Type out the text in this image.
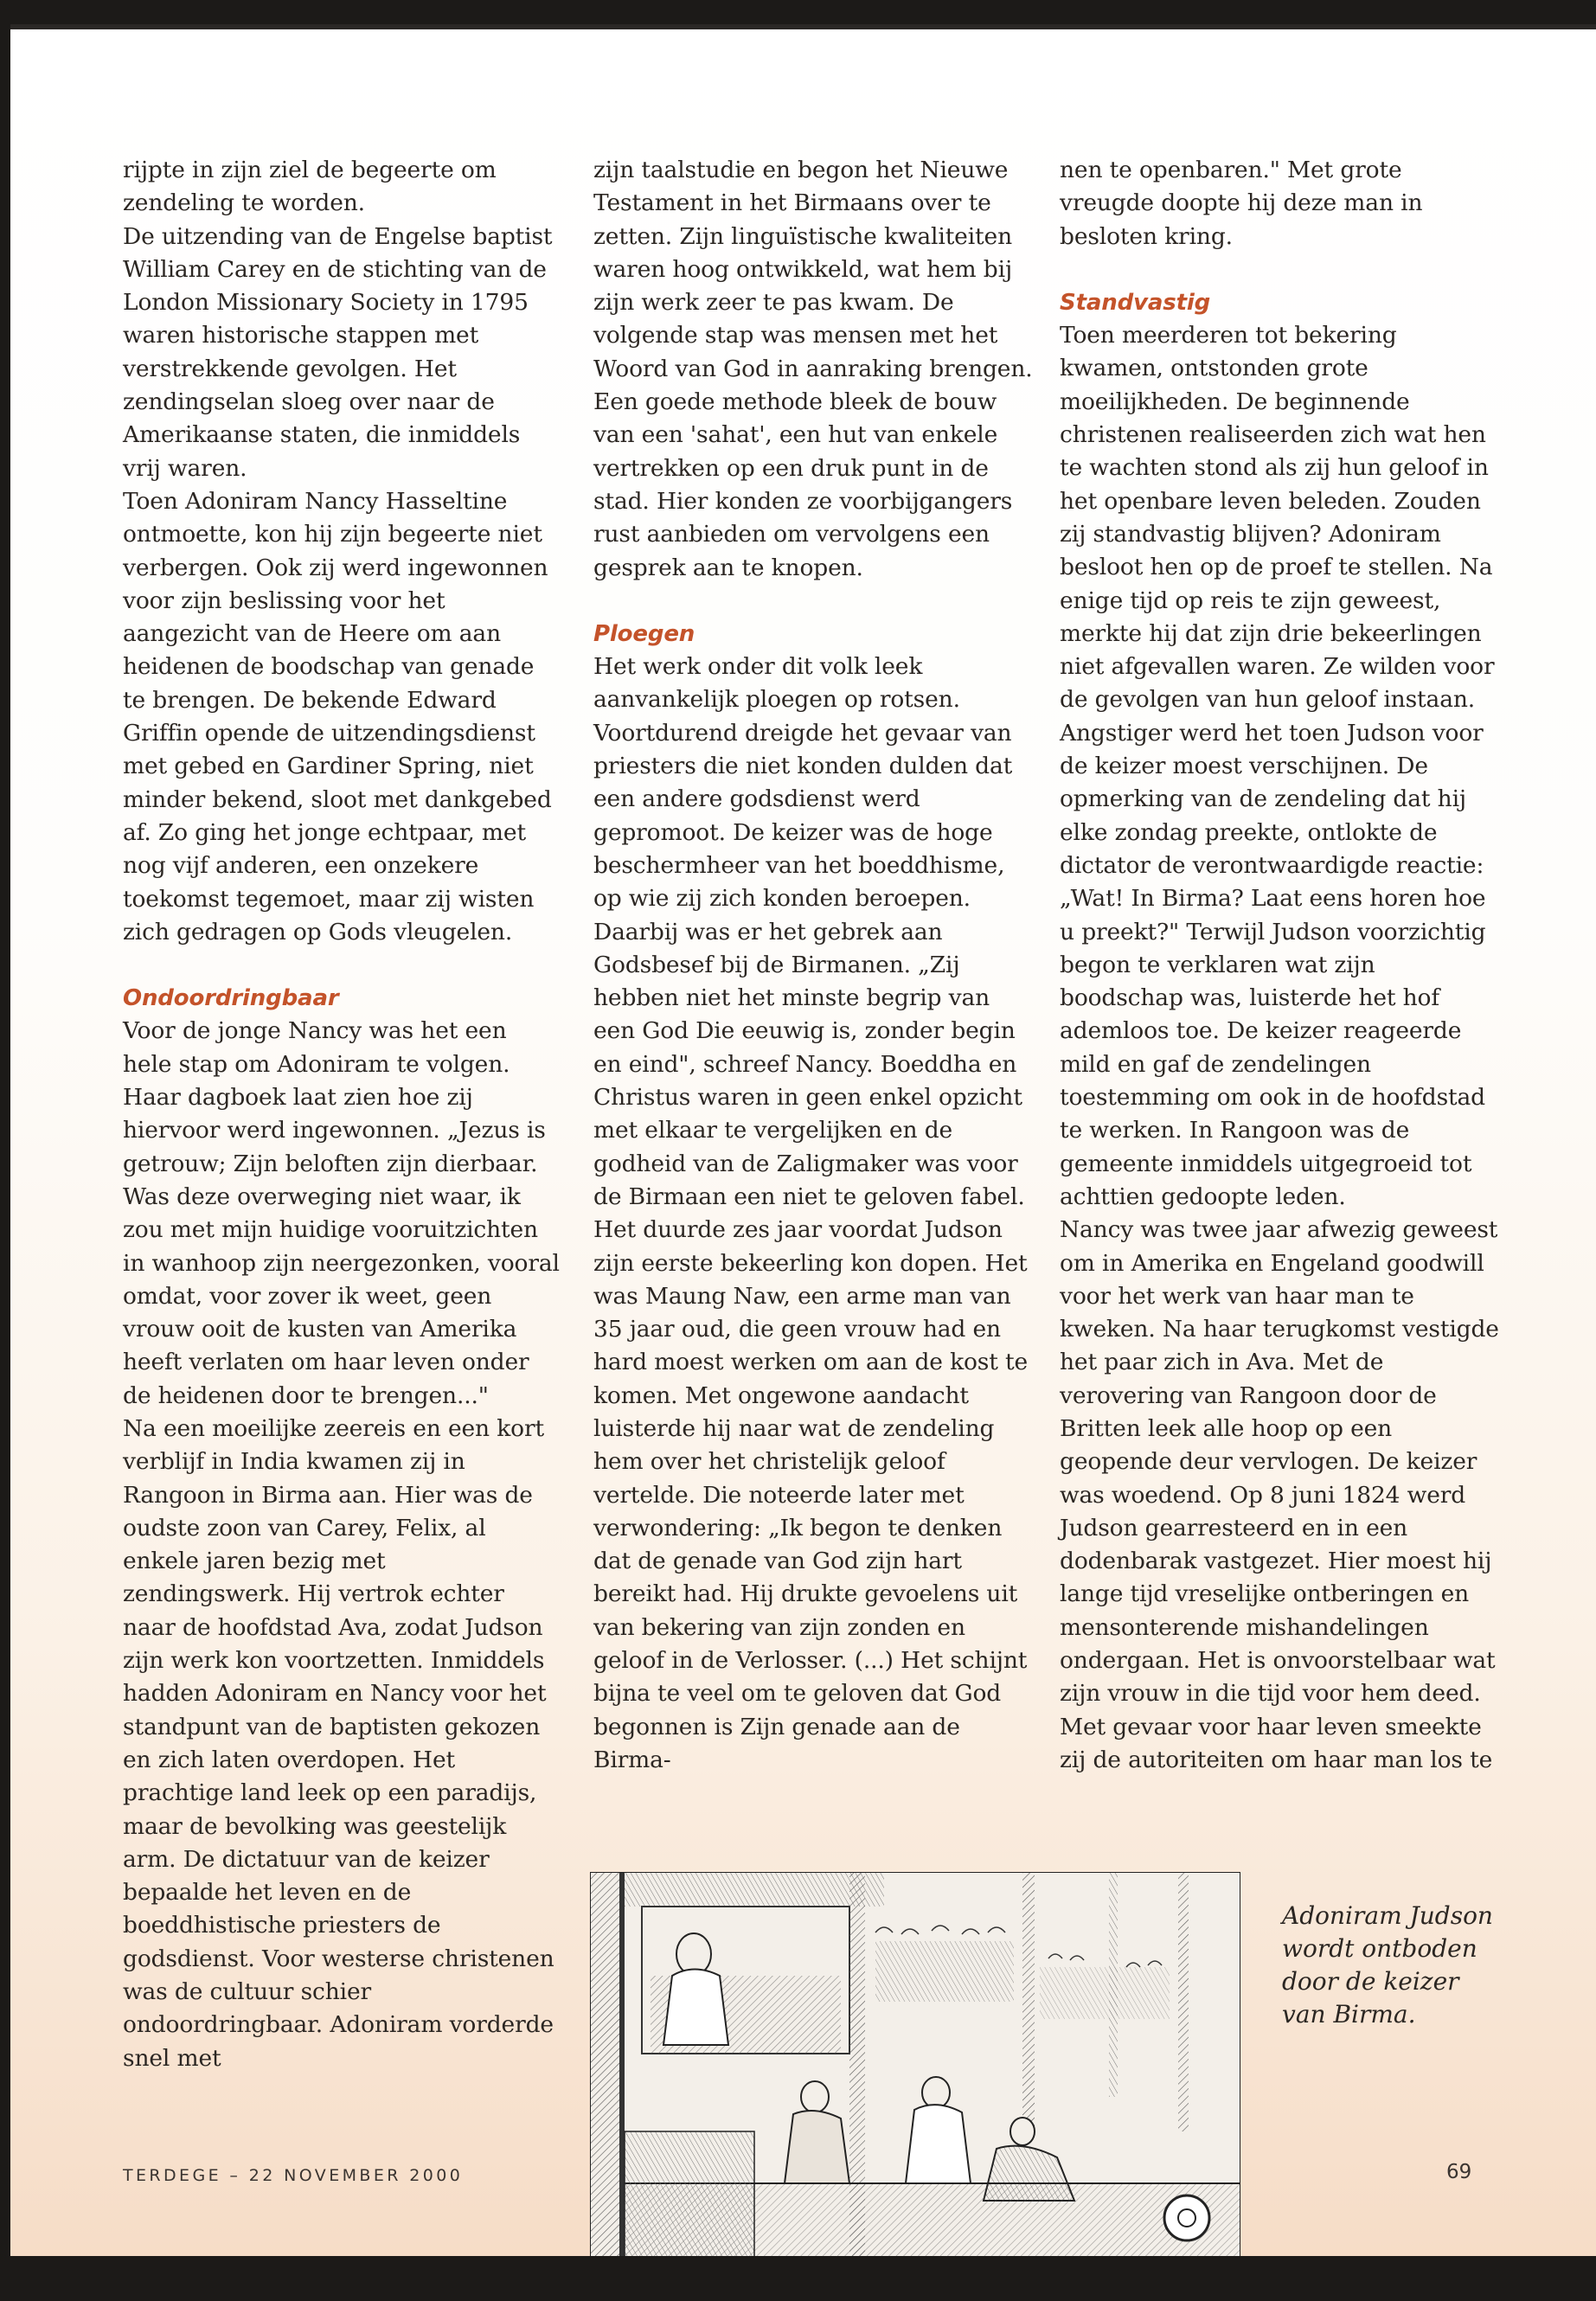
rijpte in zijn ziel de begeerte om zendeling te worden.

De uitzending van de Engelse baptist William Carey en de stichting van de London Missionary Society in 1795 waren historische stappen met verstrekkende gevolgen. Het zendingselan sloeg over naar de Amerikaanse staten, die inmiddels vrij waren.

Toen Adoniram Nancy Hasseltine ontmoette, kon hij zijn begeerte niet verbergen. Ook zij werd ingewonnen voor zijn beslissing voor het aangezicht van de Heere om aan heidenen de boodschap van genade te brengen. De bekende Edward Griffin opende de uitzendingsdienst met gebed en Gardiner Spring, niet minder bekend, sloot met dankgebed af. Zo ging het jonge echtpaar, met nog vijf anderen, een onzekere toekomst tegemoet, maar zij wisten zich gedragen op Gods vleugelen.

Ondoordringbaar

Voor de jonge Nancy was het een hele stap om Adoniram te volgen. Haar dagboek laat zien hoe zij hiervoor werd ingewonnen. „Jezus is getrouw; Zijn beloften zijn dierbaar. Was deze overweging niet waar, ik zou met mijn huidige vooruitzichten in wanhoop zijn neergezonken, vooral omdat, voor zover ik weet, geen vrouw ooit de kusten van Amerika heeft verlaten om haar leven onder de heidenen door te brengen..."

Na een moeilijke zeereis en een kort verblijf in India kwamen zij in Rangoon in Birma aan. Hier was de oudste zoon van Carey, Felix, al enkele jaren bezig met zendingswerk. Hij vertrok echter naar de hoofdstad Ava, zodat Judson zijn werk kon voortzetten. Inmiddels hadden Adoniram en Nancy voor het standpunt van de baptisten gekozen en zich laten overdopen. Het prachtige land leek op een paradijs, maar de bevolking was geestelijk arm. De dictatuur van de keizer bepaalde het leven en de boeddhistische priesters de godsdienst. Voor westerse christenen was de cultuur schier ondoordringbaar. Adoniram vorderde snel met

zijn taalstudie en begon het Nieuwe Testament in het Birmaans over te zetten. Zijn linguïstische kwaliteiten waren hoog ontwikkeld, wat hem bij zijn werk zeer te pas kwam. De volgende stap was mensen met het Woord van God in aanraking brengen. Een goede methode bleek de bouw van een 'sahat', een hut van enkele vertrekken op een druk punt in de stad. Hier konden ze voorbijgangers rust aanbieden om vervolgens een gesprek aan te knopen.

Ploegen

Het werk onder dit volk leek aanvankelijk ploegen op rotsen. Voortdurend dreigde het gevaar van priesters die niet konden dulden dat een andere godsdienst werd gepromoot. De keizer was de hoge beschermheer van het boeddhisme, op wie zij zich konden beroepen. Daarbij was er het gebrek aan Godsbesef bij de Birmanen. „Zij hebben niet het minste begrip van een God Die eeuwig is, zonder begin en eind", schreef Nancy. Boeddha en Christus waren in geen enkel opzicht met elkaar te vergelijken en de godheid van de Zaligmaker was voor de Birmaan een niet te geloven fabel.

Het duurde zes jaar voordat Judson zijn eerste bekeerling kon dopen. Het was Maung Naw, een arme man van 35 jaar oud, die geen vrouw had en hard moest werken om aan de kost te komen. Met ongewone aandacht luisterde hij naar wat de zendeling hem over het christelijk geloof vertelde. Die noteerde later met verwondering: „Ik begon te denken dat de genade van God zijn hart bereikt had. Hij drukte gevoelens uit van bekering van zijn zonden en geloof in de Verlosser. (...) Het schijnt bijna te veel om te geloven dat God begonnen is Zijn genade aan de Birma-

nen te openbaren." Met grote vreugde doopte hij deze man in besloten kring.

Standvastig

Toen meerderen tot bekering kwamen, ontstonden grote moeilijkheden. De beginnende christenen realiseerden zich wat hen te wachten stond als zij hun geloof in het openbare leven beleden. Zouden zij standvastig blijven? Adoniram besloot hen op de proef te stellen. Na enige tijd op reis te zijn geweest, merkte hij dat zijn drie bekeerlingen niet afgevallen waren. Ze wilden voor de gevolgen van hun geloof instaan.

Angstiger werd het toen Judson voor de keizer moest verschijnen. De opmerking van de zendeling dat hij elke zondag preekte, ontlokte de dictator de verontwaardigde reactie: „Wat! In Birma? Laat eens horen hoe u preekt?" Terwijl Judson voorzichtig begon te verklaren wat zijn boodschap was, luisterde het hof ademloos toe. De keizer reageerde mild en gaf de zendelingen toestemming om ook in de hoofdstad te werken. In Rangoon was de gemeente inmiddels uitgegroeid tot achttien gedoopte leden.

Nancy was twee jaar afwezig geweest om in Amerika en Engeland goodwill voor het werk van haar man te kweken. Na haar terugkomst vestigde het paar zich in Ava. Met de verovering van Rangoon door de Britten leek alle hoop op een geopende deur vervlogen. De keizer was woedend. Op 8 juni 1824 werd Judson gearresteerd en in een dodenbarak vastgezet. Hier moest hij lange tijd vreselijke ontberingen en mensonterende mishandelingen ondergaan. Het is onvoorstelbaar wat zijn vrouw in die tijd voor hem deed. Met gevaar voor haar leven smeekte zij de autoriteiten om haar man los te

Adoniram Judson wordt ontboden door de keizer van Birma.
TERDEGE – 22 NOVEMBER 2000	69
